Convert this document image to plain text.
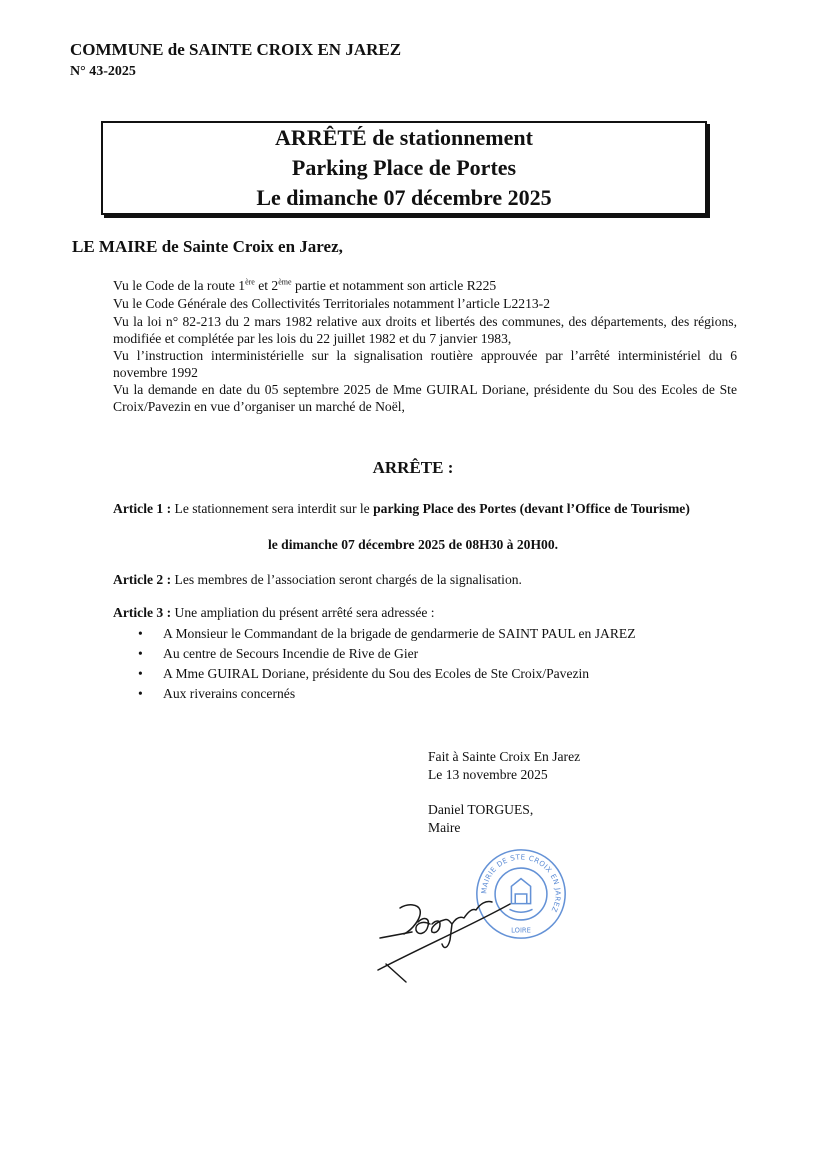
COMMUNE de SAINTE CROIX EN JAREZ
N° 43-2025
ARRÊTÉ de stationnement
Parking Place de Portes
Le dimanche 07 décembre 2025
LE MAIRE de Sainte Croix en Jarez,
Vu le Code de la route 1ère et 2ème partie et notamment son article R225
Vu le Code Générale des Collectivités Territoriales notamment l’article L2213-2
Vu la loi n° 82-213 du 2 mars 1982 relative aux droits et libertés des communes, des départements, des régions, modifiée et complétée par les lois du 22 juillet 1982 et du 7 janvier 1983,
Vu l’instruction interministérielle sur la signalisation routière approuvée par l’arrêté interministériel du 6 novembre 1992
Vu la demande en date du 05 septembre 2025 de Mme GUIRAL Doriane, présidente du Sou des Ecoles de Ste Croix/Pavezin en vue d’organiser un marché de Noël,
ARRÊTE :
Article 1 : Le stationnement sera interdit sur le parking Place des Portes (devant l’Office de Tourisme)
le dimanche 07 décembre 2025 de 08H30 à 20H00.
Article 2 : Les membres de l’association seront chargés de la signalisation.
Article 3 : Une ampliation du présent arrêté sera adressée :
• A Monsieur le Commandant de la brigade de gendarmerie de SAINT PAUL en JAREZ
• Au centre de Secours Incendie de Rive de Gier
• A Mme GUIRAL Doriane, présidente du Sou des Ecoles de Ste Croix/Pavezin
• Aux riverains concernés
Fait à Sainte Croix En Jarez
Le 13 novembre 2025
Daniel TORGUES,
Maire
MAIRIE DE STE CROIX EN JAREZ
LOIRE
